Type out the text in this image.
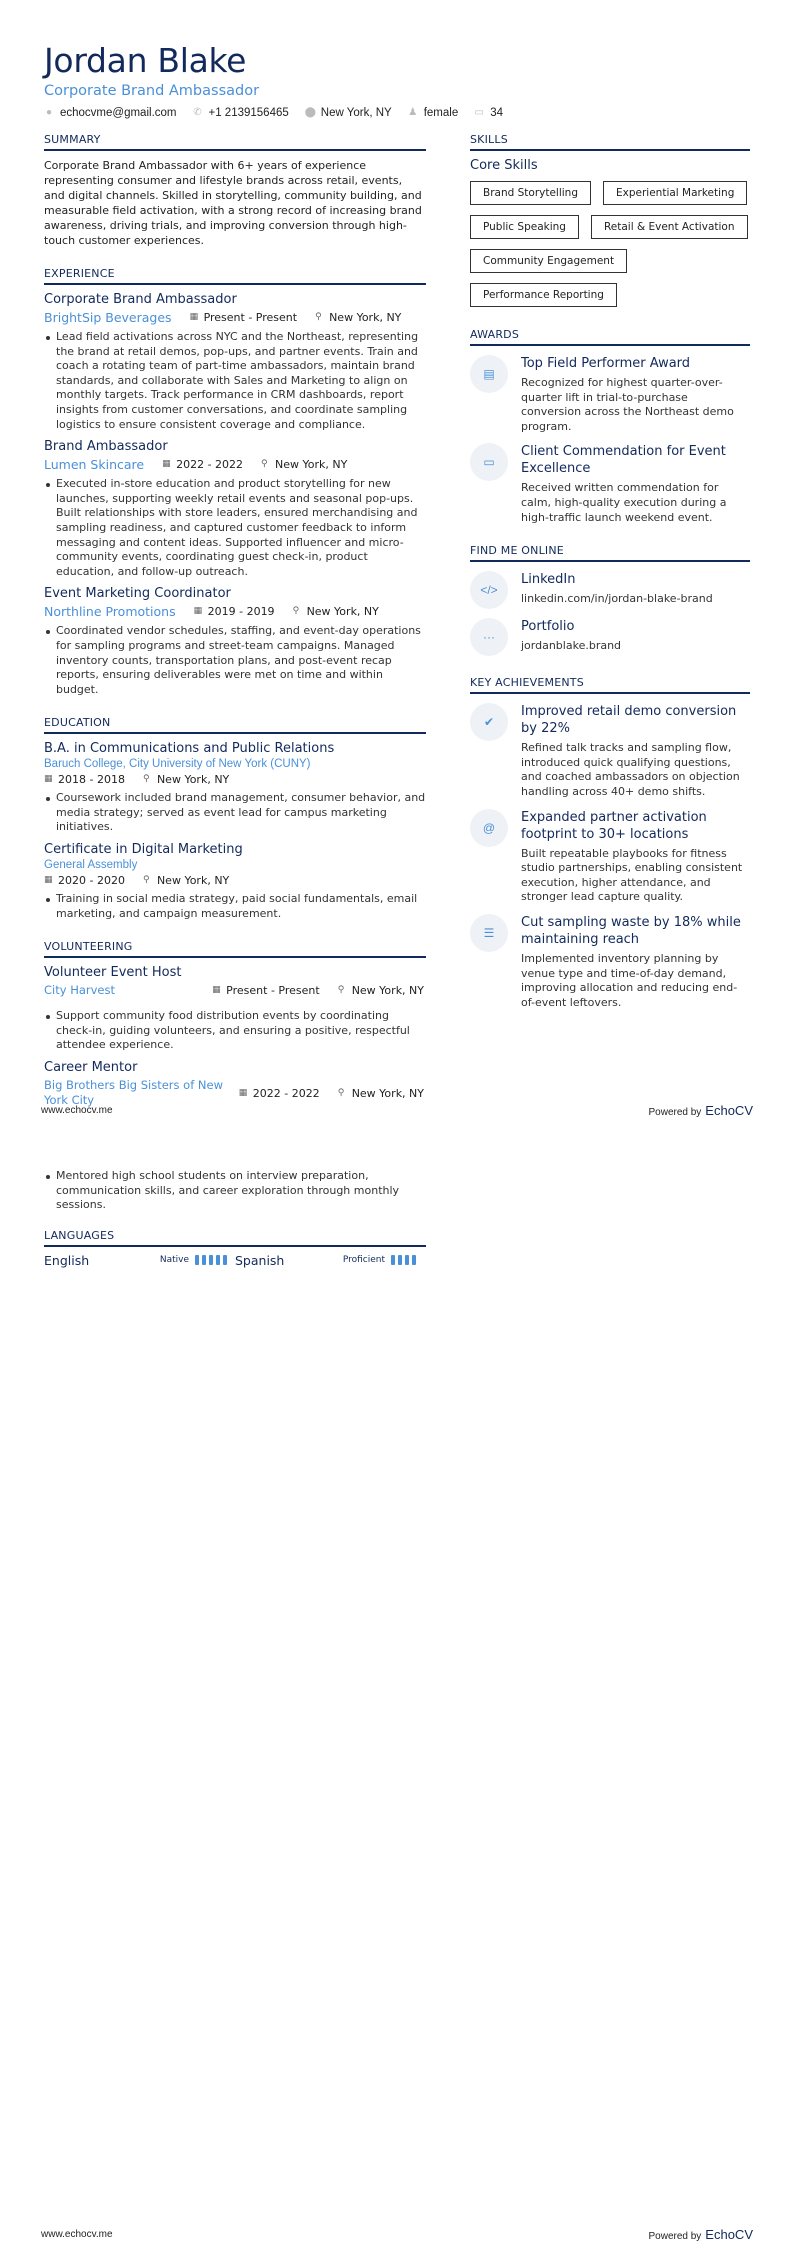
Jordan Blake
Corporate Brand Ambassador
● echocvme@gmail.com ✆ +1 2139156465 ⬤ New York, NY ♟ female ▭ 34
SUMMARY
Corporate Brand Ambassador with 6+ years of experience representing consumer and lifestyle brands across retail, events, and digital channels. Skilled in storytelling, community building, and measurable field activation, with a strong record of increasing brand awareness, driving trials, and improving conversion through high-touch customer experiences.
EXPERIENCE
Corporate Brand Ambassador
BrightSip Beverages ▦ Present - Present ⚲ New York, NY
Lead field activations across NYC and the Northeast, representing the brand at retail demos, pop-ups, and partner events. Train and coach a rotating team of part-time ambassadors, maintain brand standards, and collaborate with Sales and Marketing to align on monthly targets. Track performance in CRM dashboards, report insights from customer conversations, and coordinate sampling logistics to ensure consistent coverage and compliance.
Brand Ambassador
Lumen Skincare ▦ 2022 - 2022 ⚲ New York, NY
Executed in-store education and product storytelling for new launches, supporting weekly retail events and seasonal pop-ups. Built relationships with store leaders, ensured merchandising and sampling readiness, and captured customer feedback to inform messaging and content ideas. Supported influencer and micro-community events, coordinating guest check-in, product education, and follow-up outreach.
Event Marketing Coordinator
Northline Promotions ▦ 2019 - 2019 ⚲ New York, NY
Coordinated vendor schedules, staffing, and event-day operations for sampling programs and street-team campaigns. Managed inventory counts, transportation plans, and post-event recap reports, ensuring deliverables were met on time and within budget.
EDUCATION
B.A. in Communications and Public Relations
Baruch College, City University of New York (CUNY)
▦ 2018 - 2018 ⚲ New York, NY
Coursework included brand management, consumer behavior, and media strategy; served as event lead for campus marketing initiatives.
Certificate in Digital Marketing
General Assembly
▦ 2020 - 2020 ⚲ New York, NY
Training in social media strategy, paid social fundamentals, email marketing, and campaign measurement.
VOLUNTEERING
Volunteer Event Host
City Harvest	▦ Present - Present ⚲ New York, NY
Support community food distribution events by coordinating check-in, guiding volunteers, and ensuring a positive, respectful attendee experience.
Career Mentor
Big Brothers Big Sisters of New York City
▦ 2022 - 2022 ⚲ New York, NY
SKILLS
Core Skills
Brand Storytelling	Experiential Marketing
Public Speaking	Retail & Event Activation
Community Engagement
Performance Reporting
AWARDS
▤
Top Field Performer Award
Recognized for highest quarter-over-quarter lift in trial-to-purchase conversion across the Northeast demo program.
▭
Client Commendation for Event Excellence
Received written commendation for calm, high-quality execution during a high-traffic launch weekend event.
FIND ME ONLINE
</>
LinkedIn
linkedin.com/in/jordan-blake-brand
···
Portfolio
jordanblake.brand
KEY ACHIEVEMENTS
✔
Improved retail demo conversion by 22%
Refined talk tracks and sampling flow, introduced quick qualifying questions, and coached ambassadors on objection handling across 40+ demo shifts.
@
Expanded partner activation footprint to 30+ locations
Built repeatable playbooks for fitness studio partnerships, enabling consistent execution, higher attendance, and stronger lead capture quality.
☰
Cut sampling waste by 18% while maintaining reach
Implemented inventory planning by venue type and time-of-day demand, improving allocation and reducing end-of-event leftovers.
www.echocv.me	Powered by EchoCV
Mentored high school students on interview preparation, communication skills, and career exploration through monthly sessions.
LANGUAGES
English	Native	Spanish	Proficient
www.echocv.me	Powered by EchoCV
